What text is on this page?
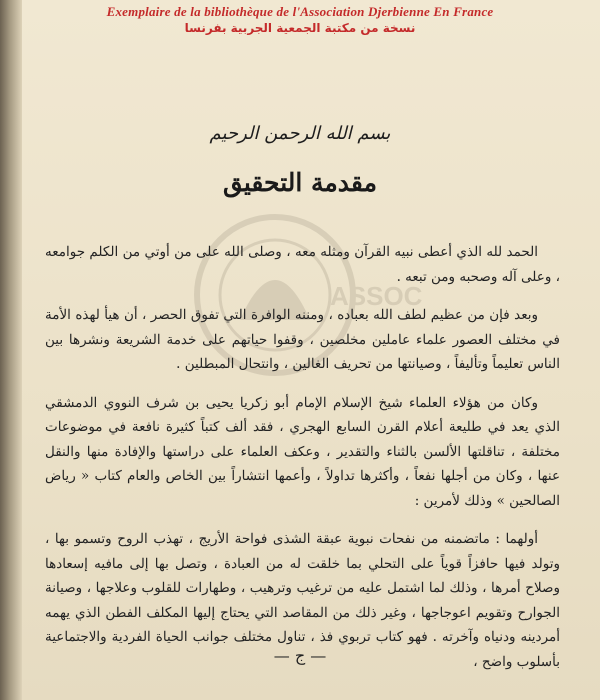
Exemplaire de la bibliothèque de l'Association Djerbienne En France
نسخة من مكتبة الجمعية الجربية بفرنسا
ASSOC
بسم الله الرحمن الرحيم
مقدمة التحقيق

الحمد لله الذي أعطى نبيه القرآن ومثله معه ، وصلى الله على من أوتي من الكلم جوامعه ، وعلى آله وصحبه ومن تبعه .

وبعد فإن من عظيم لطف الله بعباده ، ومننه الوافرة التي تفوق الحصر ، أن هيأ لهذه الأمة في مختلف العصور علماء عاملين مخلصين ، وقفوا حياتهم على خدمة الشريعة ونشرها بين الناس تعليماً وتأليفاً ، وصيانتها من تحريف الغالين ، وانتحال المبطلين .

وكان من هؤلاء العلماء شيخ الإسلام الإمام أبو زكريا يحيى بن شرف النووي الدمشقي الذي يعد في طليعة أعلام القرن السابع الهجري ، فقد ألف كتباً كثيرة نافعة في موضوعات مختلفة ، تناقلتها الألسن بالثناء والتقدير ، وعكف العلماء على دراستها والإفادة منها والنقل عنها ، وكان من أجلها نفعاً ، وأكثرها تداولاً ، وأعمها انتشاراً بين الخاص والعام كتاب « رياض الصالحين » وذلك لأمرين :

أولهما : ماتضمنه من نفحات نبوية عبقة الشذى فواحة الأريج ، تهذب الروح وتسمو بها ، وتولد فيها حافزاً قوياً على التحلي بما خلقت له من العبادة ، وتصل بها إلى مافيه إسعادها وصلاح أمرها ، وذلك لما اشتمل عليه من ترغيب وترهيب ، وطهارات للقلوب وعلاجها ، وصيانة الجوارح وتقويم اعوجاجها ، وغير ذلك من المقاصد التي يحتاج إليها المكلف الفطن الذي يهمه أمردينه ودنياه وآخرته . فهو كتاب تربوي فذ ، تناول مختلف جوانب الحياة الفردية والاجتماعية بأسلوب واضح ،

— ج —
